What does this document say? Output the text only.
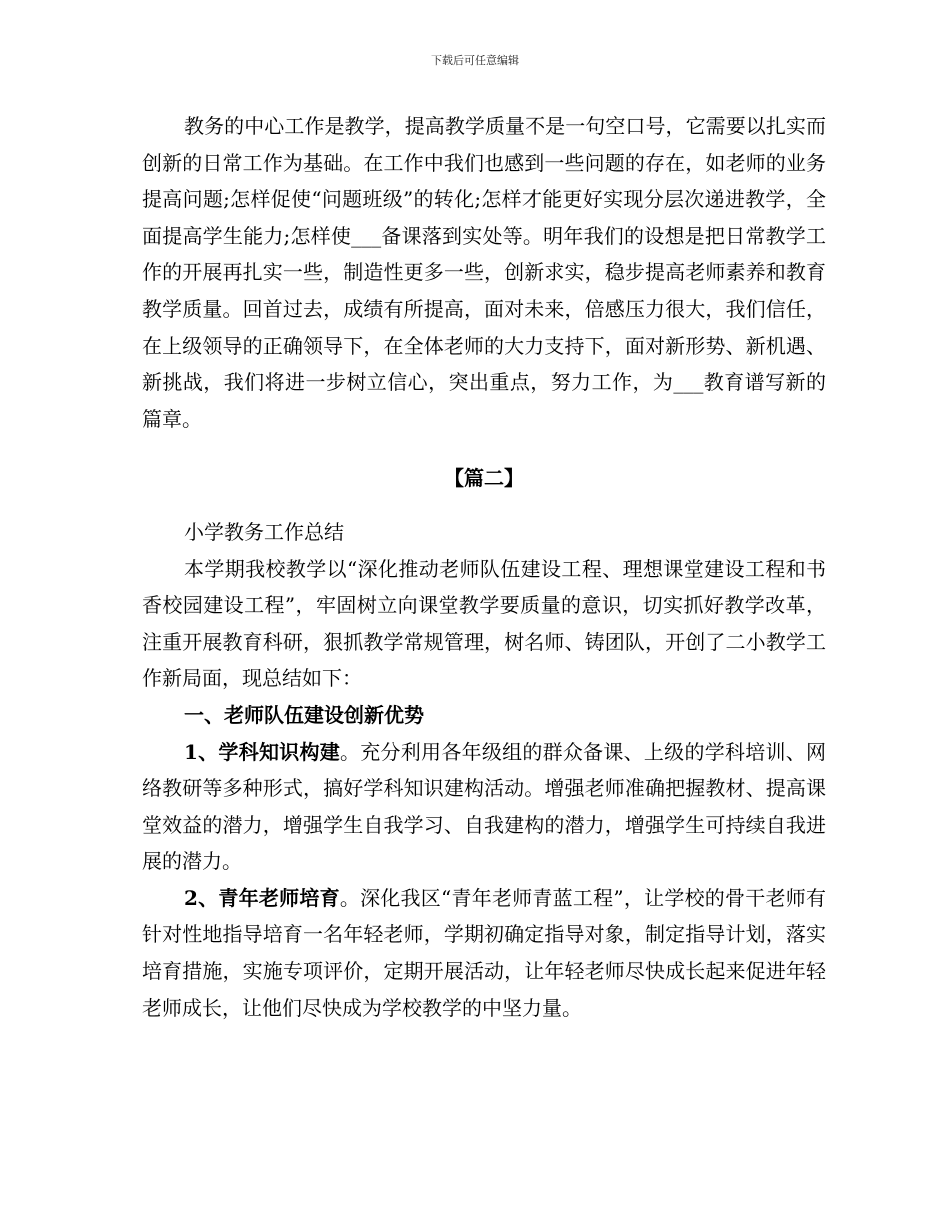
下载后可任意编辑

教务的中心工作是教学，提高教学质量不是一句空口号，它需要以扎实而创新的日常工作为基础。在工作中我们也感到一些问题的存在，如老师的业务提高问题;怎样促使“问题班级”的转化;怎样才能更好实现分层次递进教学，全面提高学生能力;怎样使___备课落到实处等。明年我们的设想是把日常教学工作的开展再扎实一些，制造性更多一些，创新求实，稳步提高老师素养和教育教学质量。回首过去，成绩有所提高，面对未来，倍感压力很大，我们信任，在上级领导的正确领导下，在全体老师的大力支持下，面对新形势、新机遇、新挑战，我们将进一步树立信心，突出重点，努力工作，为___教育谱写新的篇章。

【篇二】

小学教务工作总结

本学期我校教学以“深化推动老师队伍建设工程、理想课堂建设工程和书香校园建设工程”，牢固树立向课堂教学要质量的意识，切实抓好教学改革，注重开展教育科研，狠抓教学常规管理，树名师、铸团队，开创了二小教学工作新局面，现总结如下：

一、老师队伍建设创新优势

1、学科知识构建。充分利用各年级组的群众备课、上级的学科培训、网络教研等多种形式，搞好学科知识建构活动。增强老师准确把握教材、提高课堂效益的潜力，增强学生自我学习、自我建构的潜力，增强学生可持续自我进展的潜力。

2、青年老师培育。深化我区“青年老师青蓝工程”，让学校的骨干老师有针对性地指导培育一名年轻老师，学期初确定指导对象，制定指导计划，落实培育措施，实施专项评价，定期开展活动，让年轻老师尽快成长起来促进年轻老师成长，让他们尽快成为学校教学的中坚力量。
